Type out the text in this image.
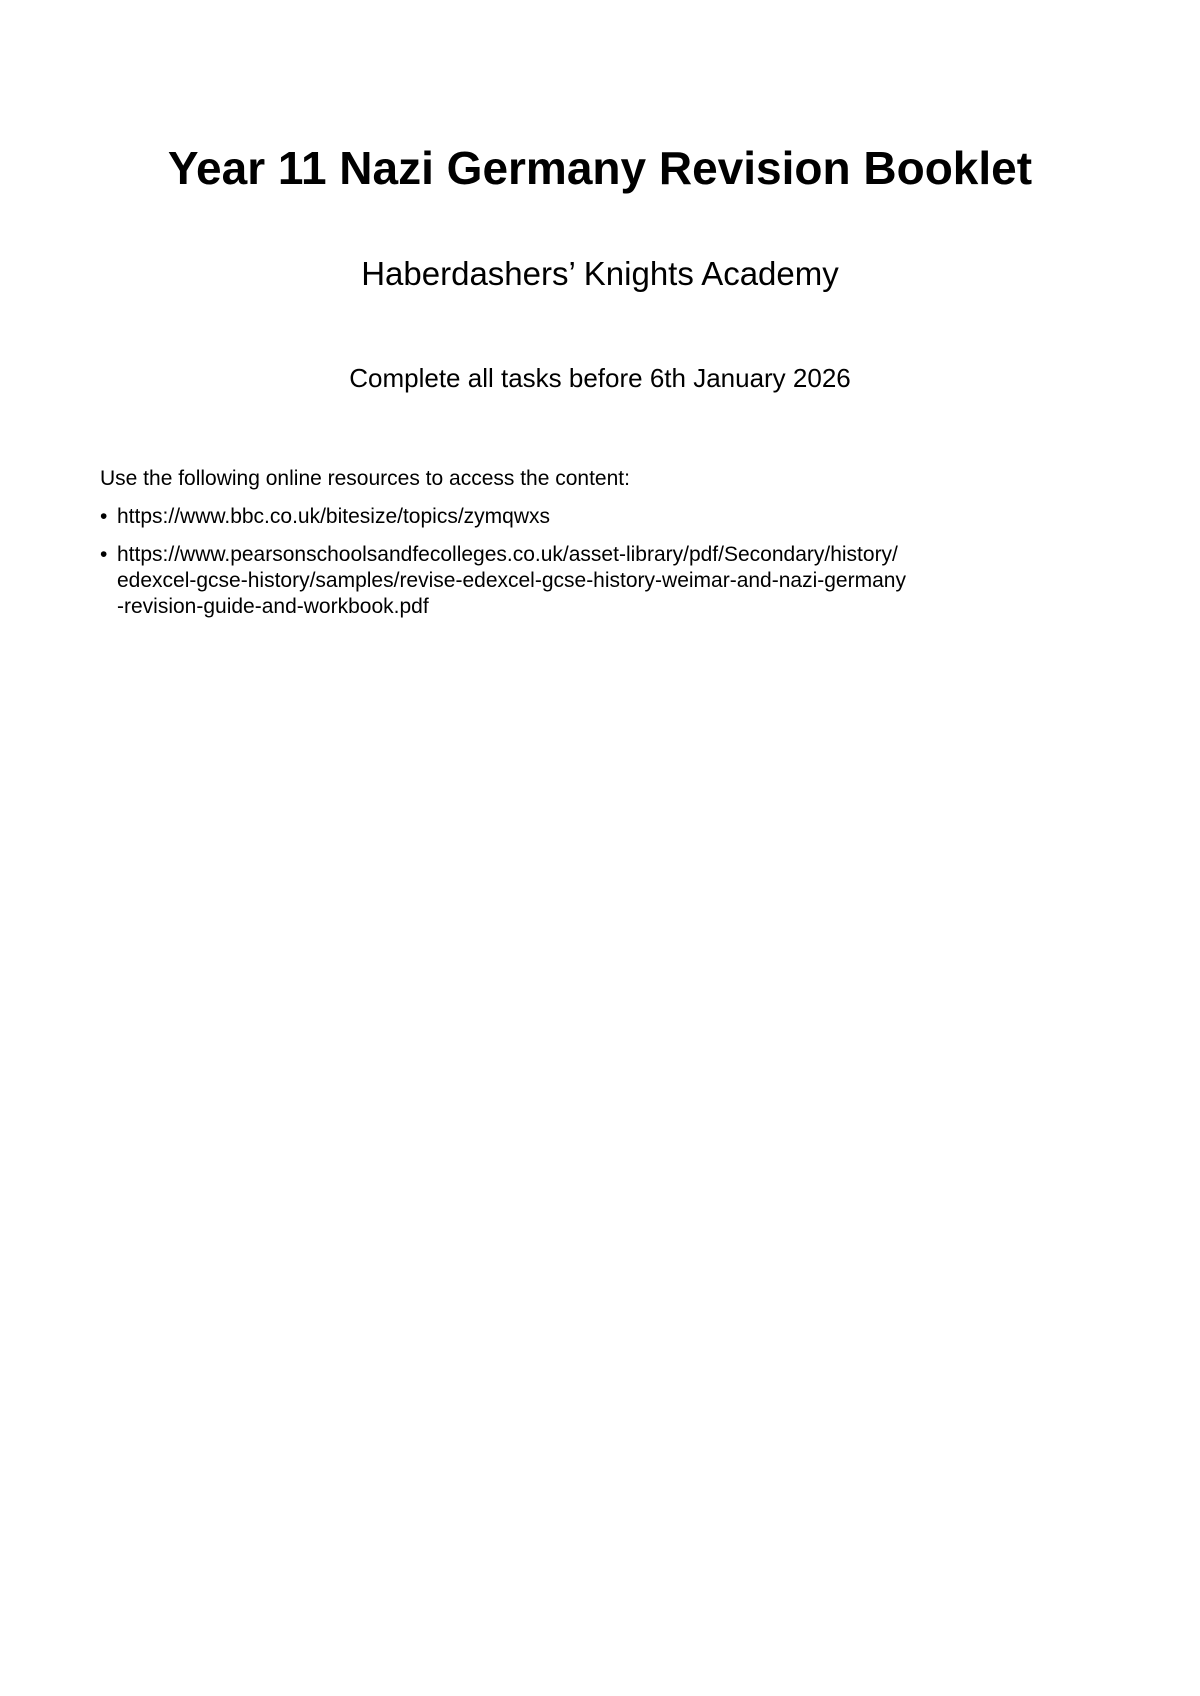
Year 11 Nazi Germany Revision Booklet

Haberdashers’ Knights Academy

Complete all tasks before 6th January 2026

Use the following online resources to access the content:

• https://www.bbc.co.uk/bitesize/topics/zymqwxs
• https://www.pearsonschoolsandfecolleges.co.uk/asset-library/pdf/Secondary/history/
edexcel-gcse-history/samples/revise-edexcel-gcse-history-weimar-and-nazi-germany
-revision-guide-and-workbook.pdf
